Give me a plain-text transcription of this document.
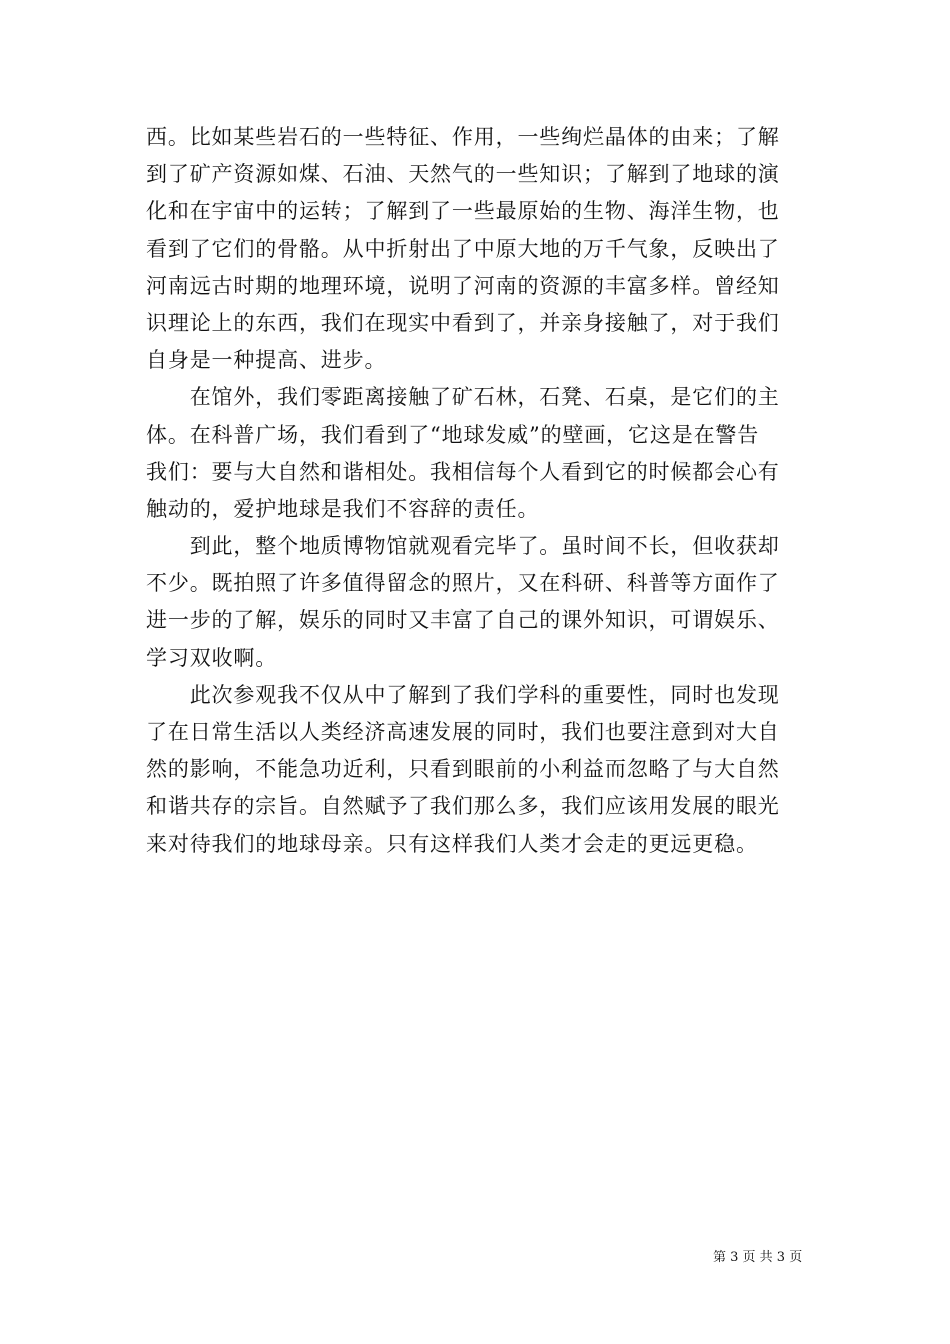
西。比如某些岩石的一些特征、作用，一些绚烂晶体的由来；了解
到了矿产资源如煤、石油、天然气的一些知识；了解到了地球的演
化和在宇宙中的运转；了解到了一些最原始的生物、海洋生物，也
看到了它们的骨骼。从中折射出了中原大地的万千气象，反映出了
河南远古时期的地理环境，说明了河南的资源的丰富多样。曾经知
识理论上的东西，我们在现实中看到了，并亲身接触了，对于我们
自身是一种提高、进步。
　　在馆外，我们零距离接触了矿石林，石凳、石桌，是它们的主
体。在科普广场，我们看到了“地球发威”的壁画，它这是在警告
我们：要与大自然和谐相处。我相信每个人看到它的时候都会心有
触动的，爱护地球是我们不容辞的责任。
　　到此，整个地质博物馆就观看完毕了。虽时间不长，但收获却
不少。既拍照了许多值得留念的照片，又在科研、科普等方面作了
进一步的了解，娱乐的同时又丰富了自己的课外知识，可谓娱乐、
学习双收啊。
　　此次参观我不仅从中了解到了我们学科的重要性，同时也发现
了在日常生活以人类经济高速发展的同时，我们也要注意到对大自
然的影响，不能急功近利，只看到眼前的小利益而忽略了与大自然
和谐共存的宗旨。自然赋予了我们那么多，我们应该用发展的眼光
来对待我们的地球母亲。只有这样我们人类才会走的更远更稳。
第 3 页 共 3 页
